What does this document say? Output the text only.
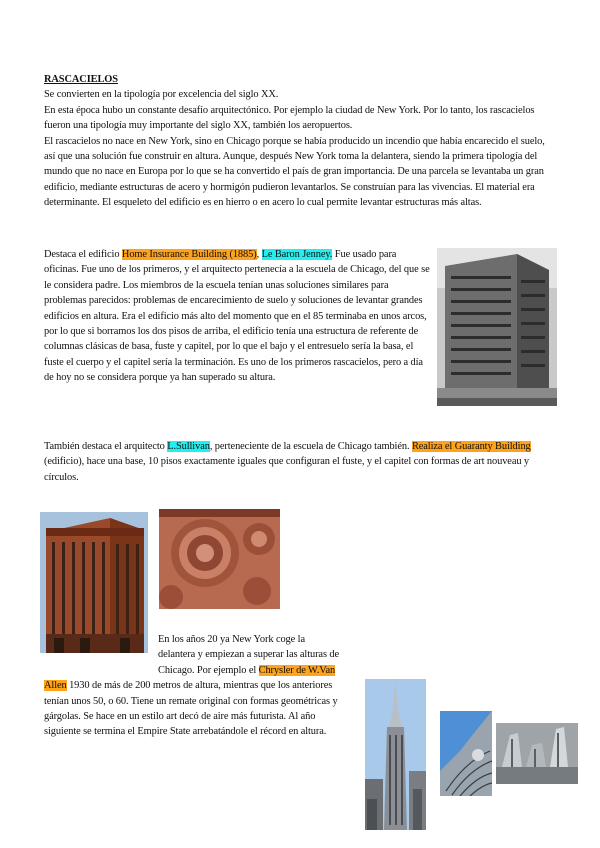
RASCACIELOS
Se convierten en la tipología por excelencia del siglo XX.
En esta época hubo un constante desafío arquitectónico. Por ejemplo la ciudad de New York. Por lo tanto, los rascacielos fueron una tipología muy importante del siglo XX, también los aeropuertos.
El rascacielos no nace en New York, sino en Chicago porque se había producido un incendio que había encarecido el suelo, así que una solución fue construir en altura. Aunque, después New York toma la delantera, siendo la primera tipología del mundo que no nace en Europa por lo que se ha convertido el país de gran importancia. De una parcela se levantaba un gran edificio, mediante estructuras de acero y hormigón pudieron levantarlos. Se construían para las vivencias. El material era determinante. El esqueleto del edificio es en hierro o en acero lo cual permite levantar estructuras más altas.
Destaca el edificio Home Insurance Building (1885), Le Baron Jenney. Fue usado para oficinas. Fue uno de los primeros, y el arquitecto pertenecía a la escuela de Chicago, del que se le considera padre. Los miembros de la escuela tenían unas soluciones similares para problemas parecidos: problemas de encarecimiento de suelo y soluciones de levantar grandes edificios en altura. Era el edificio más alto del momento que en el 85 terminaba en unos arcos, por lo que si borramos los dos pisos de arriba, el edificio tenía una estructura de referente de columnas clásicas de basa, fuste y capitel, por lo que el bajo y el entresuelo sería la basa, el fuste el cuerpo y el capitel sería la terminación. Es uno de los primeros rascacielos, pero a día de hoy no se considera porque ya han superado su altura.
También destaca el arquitecto L.Sullivan, perteneciente de la escuela de Chicago también. Realiza el Guaranty Building (edificio), hace una base, 10 pisos exactamente iguales que configuran el fuste, y el capitel con formas de art nouveau y círculos.
En los años 20 ya New York coge la delantera y empiezan a superar las alturas de Chicago. Por ejemplo el Chrysler de W.Van Allen 1930 de más de 200 metros de altura, mientras que los anteriores tenían unos 50, o 60. Tiene un remate original con formas geométricas y gárgolas. Se hace en un estilo art decó de aire más futurista. Al año siguiente se termina el Empire State arrebatándole el récord en altura.
